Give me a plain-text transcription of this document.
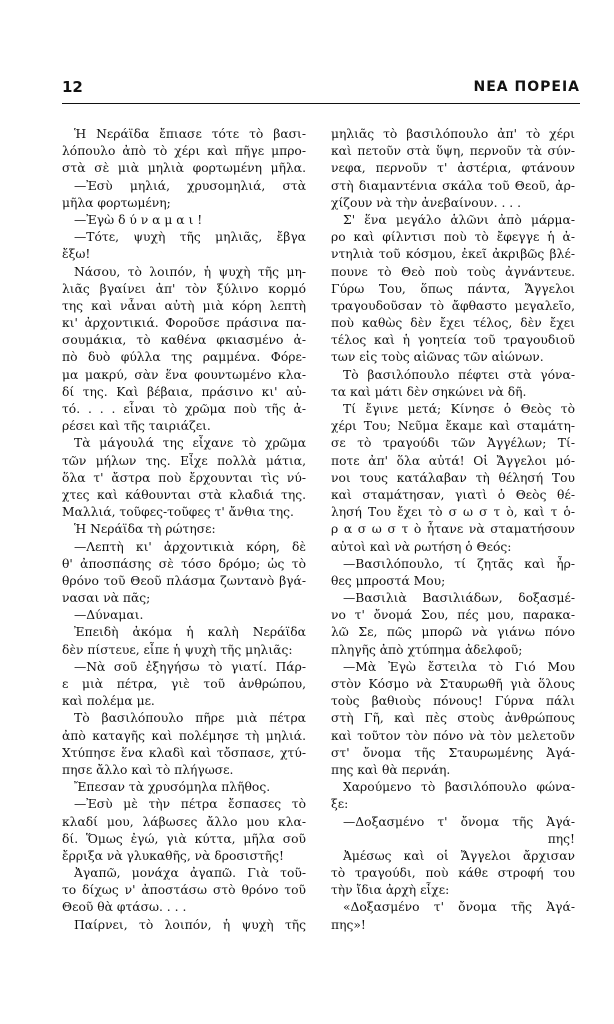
12	ΝΕΑ ΠΟΡΕΙΑ
Ἡ Νεράϊδα ἔπιασε τότε τὸ βασι-
λόπουλο ἀπὸ τὸ χέρι καὶ πῆγε μπρο-
στὰ σὲ μιὰ μηλιὰ φορτωμένη μῆλα.
—Ἐσὺ μηλιά, χρυσομηλιά, στὰ
μῆλα φορτωμένη;
—Ἐγὼ δ ύ ν α μ α ι !
—Τότε, ψυχὴ τῆς μηλιᾶς, ἔβγα
ἔξω!
Νάσου, τὸ λοιπόν, ἡ ψυχὴ τῆς μη-
λιᾶς βγαίνει ἀπ' τὸν ξύλινο κορμό
της καὶ νἆναι αὐτὴ μιὰ κόρη λεπτὴ
κι' ἀρχοντικιά. Φοροῦσε πράσινα πα-
σουμάκια, τὸ καθένα φκιασμένο ἀ-
πὸ δυὸ φύλλα της ραμμένα. Φόρε-
μα μακρύ, σὰν ἕνα φουντωμένο κλα-
δί της. Καὶ βέβαια, πράσινο κι' αὐ-
τό. . . . εἶναι τὸ χρῶμα ποὺ τῆς ἀ-
ρέσει καὶ τῆς ταιριάζει.
Τὰ μάγουλά της εἶχανε τὸ χρῶμα
τῶν μήλων της. Εἶχε πολλὰ μάτια,
ὅλα τ' ἄστρα ποὺ ἔρχουνται τὶς νύ-
χτες καὶ κάθουνται στὰ κλαδιά της.
Μαλλιά, τοῦφες-τοῦφες τ' ἄνθια της.
Ἡ Νεράϊδα τὴ ρώτησε:
—Λεπτὴ κι' ἀρχοντικιὰ κόρη, δὲ
θ' ἀποσπάσης σὲ τόσο δρόμο; ὡς τὸ
θρόνο τοῦ Θεοῦ πλάσμα ζωντανὸ βγά-
νασαι νὰ πᾶς;
—Δύναμαι.
Ἐπειδὴ ἀκόμα ἡ καλὴ Νεράϊδα
δὲν πίστευε, εἶπε ἡ ψυχὴ τῆς μηλιᾶς:
—Νὰ σοῦ ἐξηγήσω τὸ γιατί. Πάρ-
ε μιὰ πέτρα, γιὲ τοῦ ἀνθρώπου,
καὶ πολέμα με.
Τὸ βασιλόπουλο πῆρε μιὰ πέτρα
ἀπὸ καταγῆς καὶ πολέμησε τὴ μηλιά.
Χτύπησε ἕνα κλαδὶ καὶ τὄσπασε, χτύ-
πησε ἄλλο καὶ τὸ πλήγωσε.
Ἔπεσαν τὰ χρυσόμηλα πλῆθος.
—Ἐσὺ μὲ τὴν πέτρα ἔσπασες τὸ
κλαδί μου, λάβωσες ἄλλο μου κλα-
δί. Ὅμως ἐγώ, γιὰ κύττα, μῆλα σοῦ
ἔρριξα νὰ γλυκαθῆς, νὰ δροσιστῆς!
Ἀγαπῶ, μονάχα ἀγαπῶ. Γιὰ τοῦ-
το δίχως ν' ἀποστάσω στὸ θρόνο τοῦ
Θεοῦ θὰ φτάσω. . . .
Παίρνει, τὸ λοιπόν, ἡ ψυχὴ τῆς
μηλιᾶς τὸ βασιλόπουλο ἀπ' τὸ χέρι
καὶ πετοῦν στὰ ὕψη, περνοῦν τὰ σύν-
νεφα, περνοῦν τ' ἀστέρια, φτάνουν
στὴ διαμαντένια σκάλα τοῦ Θεοῦ, ἀρ-
χίζουν νὰ τὴν ἀνεβαίνουν. . . .
Σ' ἕνα μεγάλο ἁλῶνι ἀπὸ μάρμα-
ρο καὶ φίλντισι ποὺ τὸ ἔφεγγε ἡ ἀ-
ντηλιὰ τοῦ κόσμου, ἐκεῖ ἀκριβῶς βλέ-
πουνε τὸ Θεὸ ποὺ τοὺς ἀγνάντευε.
Γύρω Του, ὅπως πάντα, Ἄγγελοι
τραγουδοῦσαν τὸ ἄφθαστο μεγαλεῖο,
ποὺ καθὼς δὲν ἔχει τέλος, δὲν ἔχει
τέλος καὶ ἡ γοητεία τοῦ τραγουδιοῦ
των εἰς τοὺς αἰῶνας τῶν αἰώνων.
Τὸ βασιλόπουλο πέφτει στὰ γόνα-
τα καὶ μάτι δὲν σηκώνει νὰ δῆ.
Τί ἔγινε μετά; Κίνησε ὁ Θεὸς τὸ
χέρι Του; Νεῦμα ἔκαμε καὶ σταμάτη-
σε τὸ τραγούδι τῶν Ἀγγέλων; Τί-
ποτε ἀπ' ὅλα αὐτά! Οἱ Ἄγγελοι μό-
νοι τους κατάλαβαν τὴ θέλησή Του
καὶ σταμάτησαν, γιατὶ ὁ Θεὸς θέ-
λησή Του ἔχει τὸ σ ω σ τ ὸ, καὶ τ ὁ-
ρ α σ ω σ τ ὸ ἦτανε νὰ σταματήσουν
αὐτοὶ καὶ νὰ ρωτήση ὁ Θεός:
—Βασιλόπουλο, τί ζητᾶς καὶ ἦρ-
θες μπροστά Μου;
—Βασιλιὰ Βασιλιάδων, δοξασμέ-
νο τ' ὄνομά Σου, πές μου, παρακα-
λῶ Σε, πῶς μπορῶ νὰ γιάνω πόνο
πληγῆς ἀπὸ χτύπημα ἀδελφοῦ;
—Μὰ Ἐγὼ ἔστειλα τὸ Γιό Μου
στὸν Κόσμο νὰ Σταυρωθῆ γιὰ ὅλους
τοὺς βαθιοὺς πόνους! Γύρνα πάλι
στὴ Γῆ, καὶ πὲς στοὺς ἀνθρώπους
καὶ τοῦτον τὸν πόνο νὰ τὸν μελετοῦν
στ' ὄνομα τῆς Σταυρωμένης Ἀγά-
πης καὶ θὰ περνάη.
Χαρούμενο τὸ βασιλόπουλο φώνα-
ξε:
—Δοξασμένο τ' ὄνομα τῆς Ἀγά-
πης!
Ἀμέσως καὶ οἱ Ἄγγελοι ἄρχισαν
τὸ τραγούδι, ποὺ κάθε στροφή του
τὴν ἴδια ἀρχὴ εἶχε:
«Δοξασμένο τ' ὄνομα τῆς Ἀγά-
πης»!
